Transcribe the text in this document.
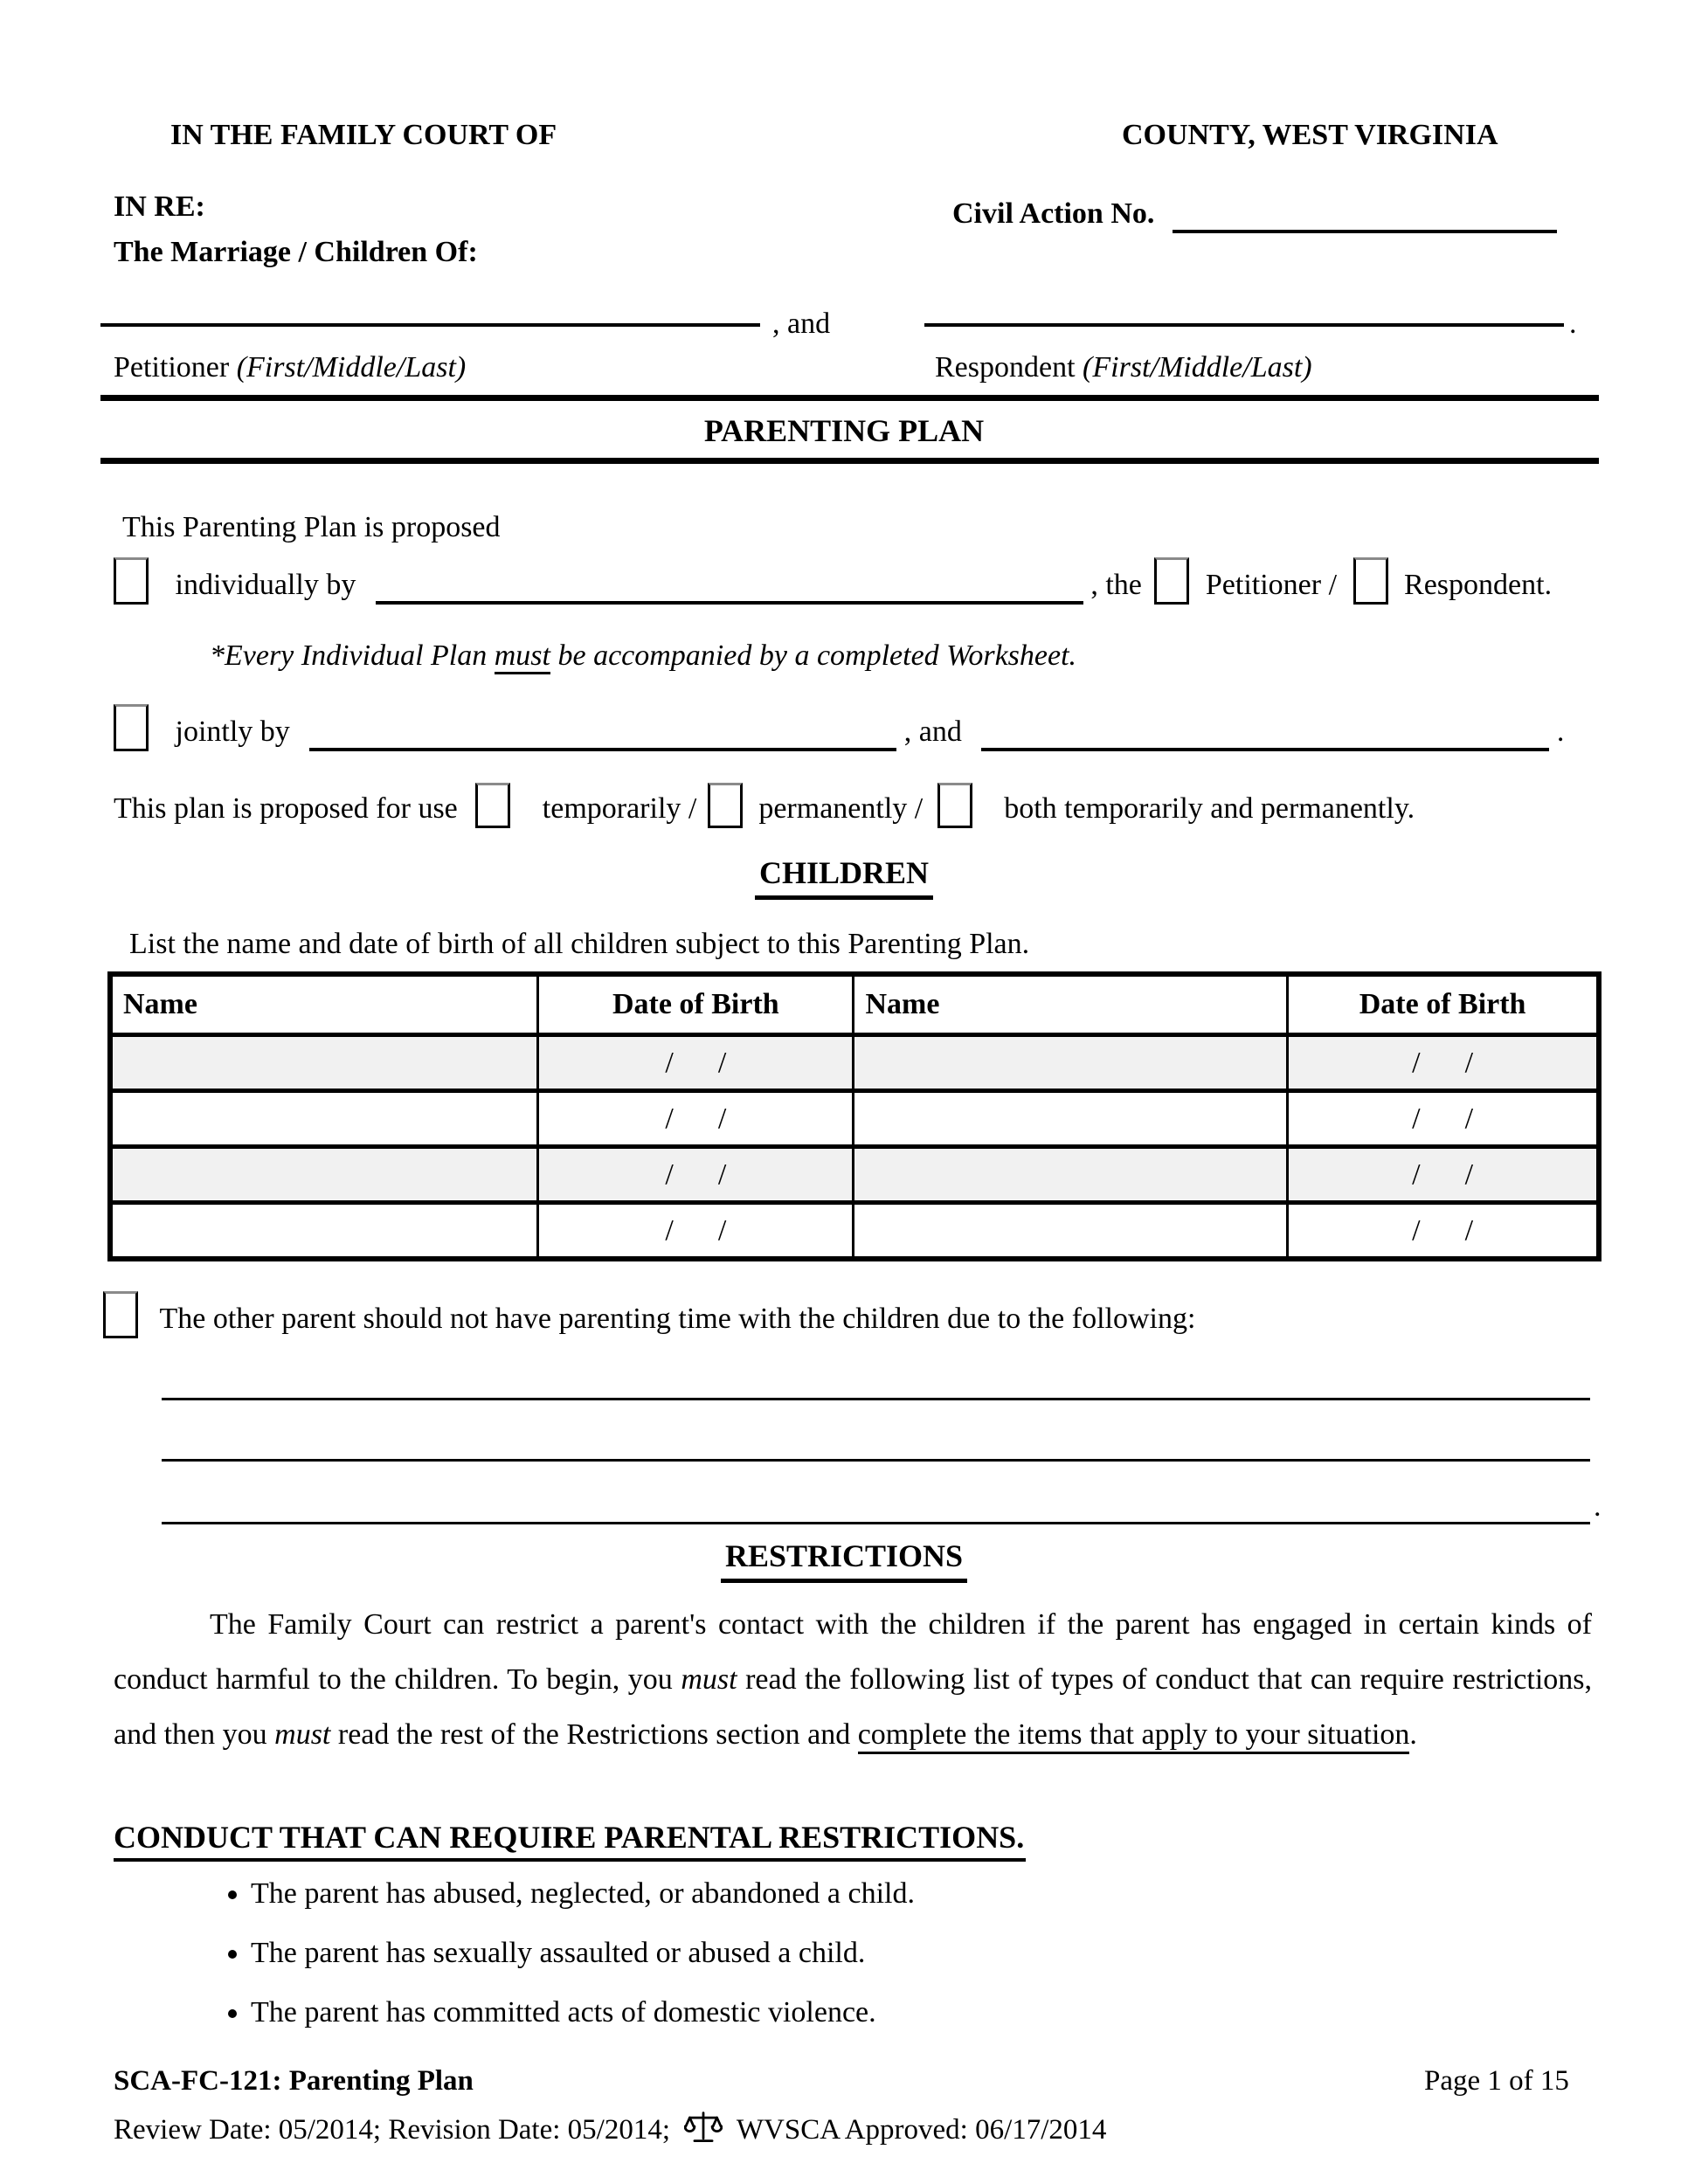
IN THE FAMILY COURT OF	COUNTY, WEST VIRGINIA
IN RE:	Civil Action No.
The Marriage / Children Of:
, and	.
Petitioner (First/Middle/Last)	Respondent (First/Middle/Last)
PARENTING PLAN
This Parenting Plan is proposed
individually by	, the Petitioner / Respondent.
*Every Individual Plan must be accompanied by a completed Worksheet.
jointly by	, and	.
This plan is proposed for use	temporarily / permanently /	both temporarily and permanently.
CHILDREN
List the name and date of birth of all children subject to this Parenting Plan.
Name	Date of Birth	Name	Date of Birth
	/      /		/      /
	/      /		/      /
	/      /		/      /
	/      /		/      /
The other parent should not have parenting time with the children due to the following:
.
RESTRICTIONS
The Family Court can restrict a parent's contact with the children if the parent has engaged in certain kinds of conduct harmful to the children. To begin, you must read the following list of types of conduct that can require restrictions, and then you must read the rest of the Restrictions section and complete the items that apply to your situation.
CONDUCT THAT CAN REQUIRE PARENTAL RESTRICTIONS.
• The parent has abused, neglected, or abandoned a child.
• The parent has sexually assaulted or abused a child.
• The parent has committed acts of domestic violence.
SCA-FC-121: Parenting Plan	Page 1 of 15
Review Date: 05/2014; Revision Date: 05/2014; WVSCA Approved: 06/17/2014
